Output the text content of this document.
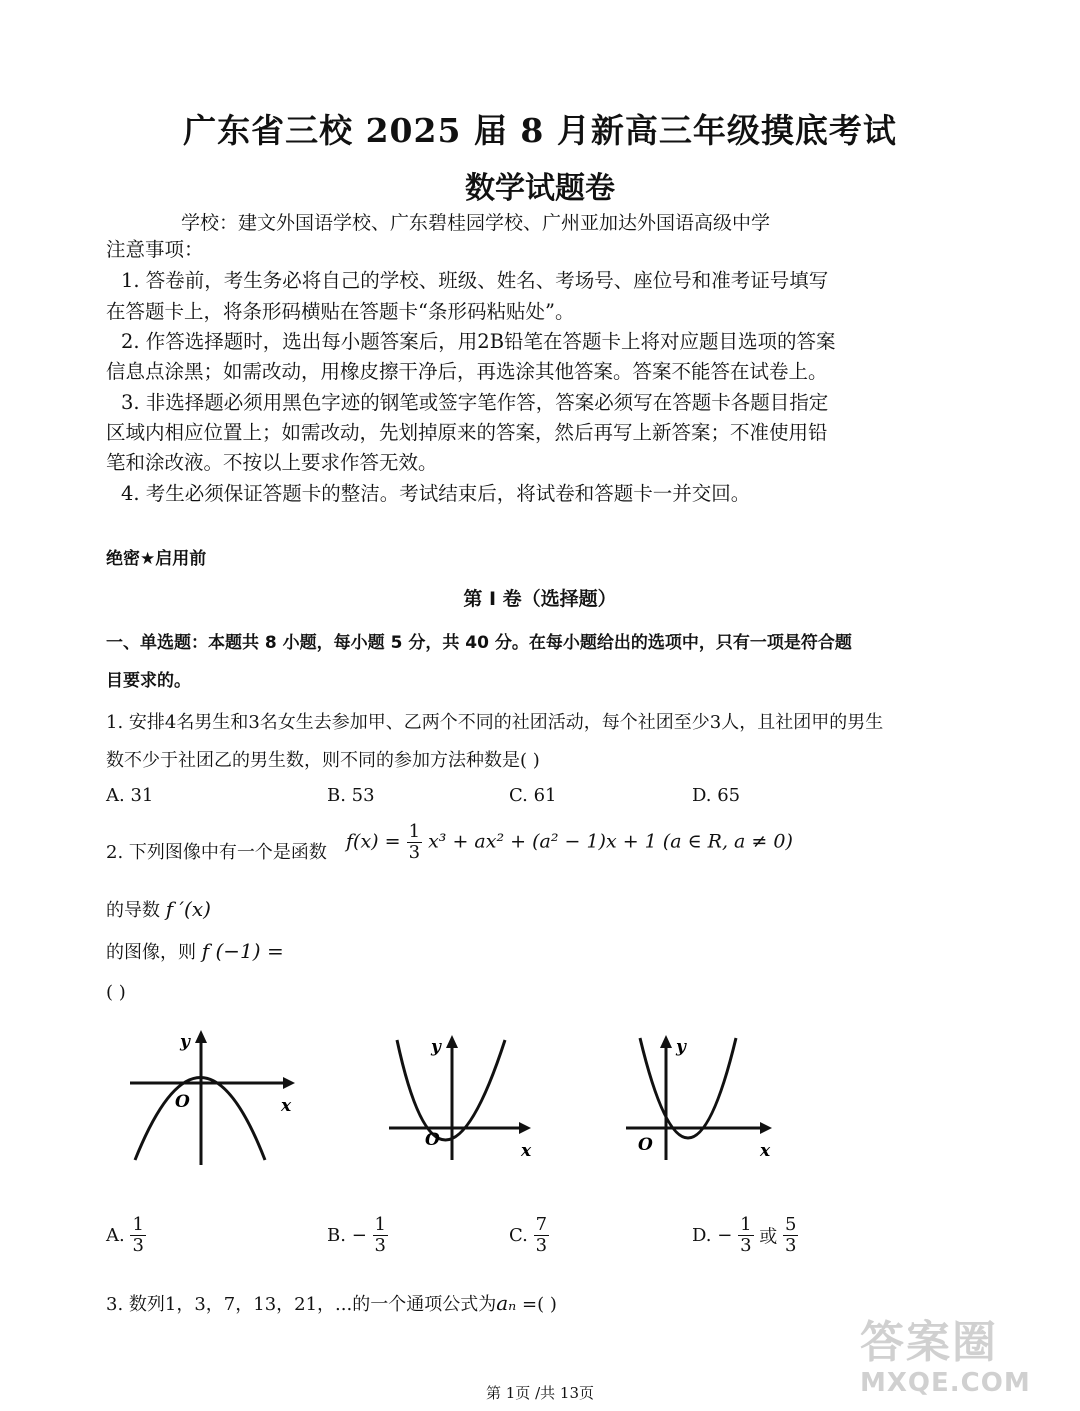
广东省三校 2025 届 8 月新高三年级摸底考试
数学试题卷
学校：建文外国语学校、广东碧桂园学校、广州亚加达外国语高级中学
注意事项：
1. 答卷前，考生务必将自己的学校、班级、姓名、考场号、座位号和准考证号填写
在答题卡上，将条形码横贴在答题卡“条形码粘贴处”。
2. 作答选择题时，选出每小题答案后，用2B铅笔在答题卡上将对应题目选项的答案
信息点涂黑；如需改动，用橡皮擦干净后，再选涂其他答案。答案不能答在试卷上。
3. 非选择题必须用黑色字迹的钢笔或签字笔作答，答案必须写在答题卡各题目指定
区域内相应位置上；如需改动，先划掉原来的答案，然后再写上新答案；不准使用铅
笔和涂改液。不按以上要求作答无效。
4. 考生必须保证答题卡的整洁。考试结束后，将试卷和答题卡一并交回。
绝密★启用前
第 I 卷（选择题）
一、单选题：本题共 8 小题，每小题 5 分，共 40 分。在每小题给出的选项中，只有一项是符合题
目要求的。
1. 安排4名男生和3名女生去参加甲、乙两个不同的社团活动，每个社团至少3人，且社团甲的男生
数不少于社团乙的男生数，则不同的参加方法种数是( )
A. 31	B. 53	C. 61	D. 65
2. 下列图像中有一个是函数 $f(x) = \frac{1}{3} x^3 + ax^2 + (a^2 - 1)x + 1$ (a ∈ R, a ≠ 0)
的导数 f ′(x)
的图像，则 f (−1) =
( )
y
O	x
y
O
x
y
O	x
A. $\frac{1}{3}$	B. − $\frac{1}{3}$	C. $\frac{7}{3}$	D. − $\frac{1}{3}$ 或 $\frac{5}{3}$
3. 数列1，3，7，13，21，...的一个通项公式为aₙ =( )
答案圈
MXQE.COM
第 1页 /共 13页
